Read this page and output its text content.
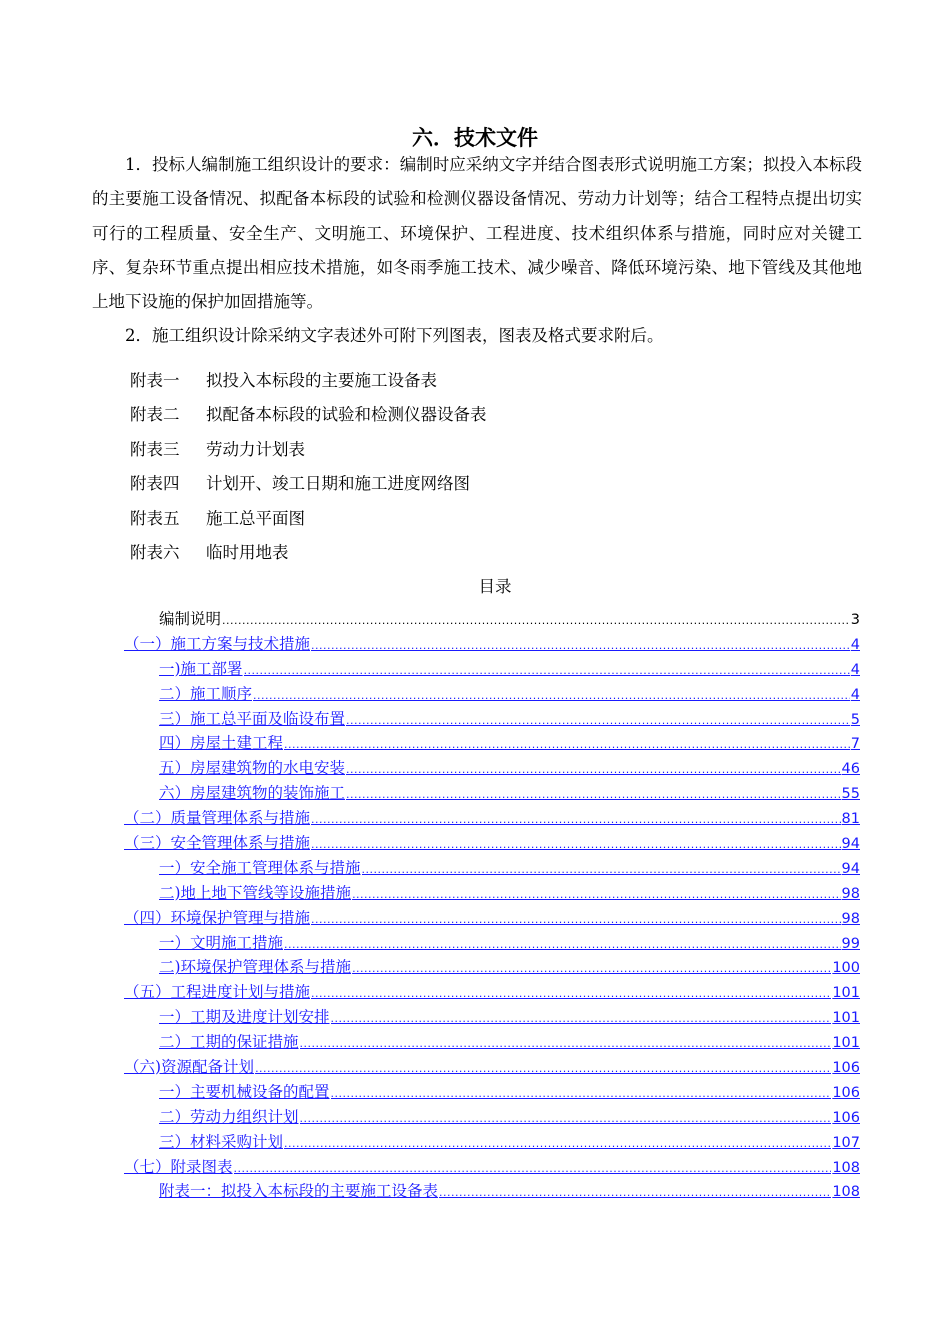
六．技术文件

1．投标人编制施工组织设计的要求：编制时应采纳文字并结合图表形式说明施工方案；拟投入本标段的主要施工设备情况、拟配备本标段的试验和检测仪器设备情况、劳动力计划等；结合工程特点提出切实可行的工程质量、安全生产、文明施工、环境保护、工程进度、技术组织体系与措施，同时应对关键工序、复杂环节重点提出相应技术措施，如冬雨季施工技术、减少噪音、降低环境污染、地下管线及其他地上地下设施的保护加固措施等。

2．施工组织设计除采纳文字表述外可附下列图表，图表及格式要求附后。

附表一	拟投入本标段的主要施工设备表
附表二	拟配备本标段的试验和检测仪器设备表
附表三	劳动力计划表
附表四	计划开、竣工日期和施工进度网络图
附表五	施工总平面图
附表六	临时用地表
目录
编制说明 .....	3
（一）施工方案与技术措施 .....	4
一)施工部署 .....	4
二）施工顺序 .....	4
三）施工总平面及临设布置 .....	5
四）房屋土建工程 .....	7
五）房屋建筑物的水电安装 .....	46
六）房屋建筑物的装饰施工 .....	55
（二）质量管理体系与措施 .....	81
（三）安全管理体系与措施 .....	94
一）安全施工管理体系与措施 .....	94
二)地上地下管线等设施措施 .....	98
（四）环境保护管理与措施 .....	98
一）文明施工措施 .....	99
二)环境保护管理体系与措施 .....	100
（五）工程进度计划与措施 .....	101
一）工期及进度计划安排 .....	101
二）工期的保证措施 .....	101
（六)资源配备计划 .....	106
一）主要机械设备的配置 .....	106
二）劳动力组织计划 .....	106
三）材料采购计划 .....	107
（七）附录图表 .....	108
附表一：拟投入本标段的主要施工设备表 .....	108
